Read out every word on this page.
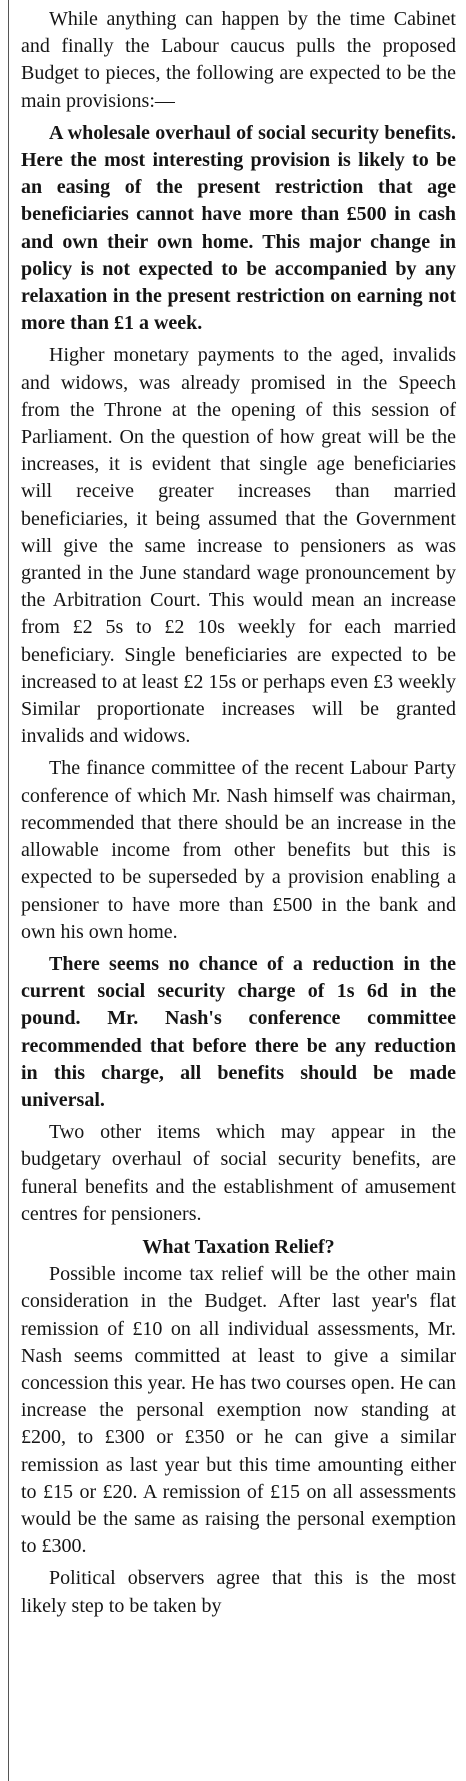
While anything can happen by the time Cabinet and finally the Labour caucus pulls the proposed Budget to pieces, the following are expected to be the main provisions:—

A wholesale overhaul of social security benefits. Here the most interesting provision is likely to be an easing of the present restriction that age beneficiaries cannot have more than £500 in cash and own their own home. This major change in policy is not expected to be accompanied by any relaxation in the present restriction on earning not more than £1 a week.

Higher monetary payments to the aged, invalids and widows, was already promised in the Speech from the Throne at the opening of this session of Parliament. On the question of how great will be the increases, it is evident that single age beneficiaries will receive greater increases than married beneficiaries, it being assumed that the Government will give the same increase to pensioners as was granted in the June standard wage pronouncement by the Arbitration Court. This would mean an increase from £2 5s to £2 10s weekly for each married beneficiary. Single beneficiaries are expected to be increased to at least £2 15s or perhaps even £3 weekly Similar proportionate increases will be granted invalids and widows.

The finance committee of the recent Labour Party conference of which Mr. Nash himself was chairman, recommended that there should be an increase in the allowable income from other benefits but this is expected to be superseded by a provision enabling a pensioner to have more than £500 in the bank and own his own home.

There seems no chance of a reduction in the current social security charge of 1s 6d in the pound. Mr. Nash's conference committee recommended that before there be any reduction in this charge, all benefits should be made universal.

Two other items which may appear in the budgetary overhaul of social security benefits, are funeral benefits and the establishment of amusement centres for pensioners.

What Taxation Relief?

Possible income tax relief will be the other main consideration in the Budget. After last year's flat remission of £10 on all individual assessments, Mr. Nash seems committed at least to give a similar concession this year. He has two courses open. He can increase the personal exemption now standing at £200, to £300 or £350 or he can give a similar remission as last year but this time amounting either to £15 or £20. A remission of £15 on all assessments would be the same as raising the personal exemption to £300.

Political observers agree that this is the most likely step to be taken by
